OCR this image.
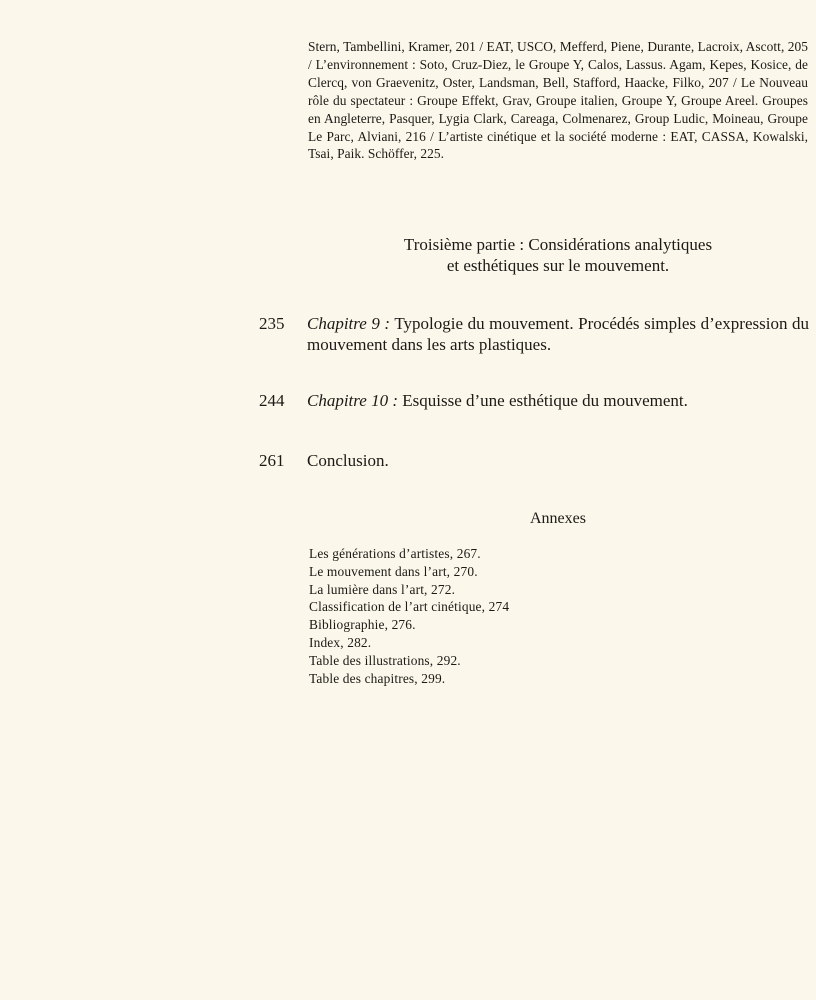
Stern, Tambellini, Kramer, 201 / EAT, USCO, Mefferd, Piene, Durante, Lacroix, Ascott, 205 / L’environnement : Soto, Cruz-Diez, le Groupe Y, Calos, Lassus. Agam, Kepes, Kosice, de Clercq, von Graevenitz, Oster, Landsman, Bell, Stafford, Haacke, Filko, 207 / Le Nouveau rôle du spectateur : Groupe Effekt, Grav, Groupe italien, Groupe Y, Groupe Areel. Groupes en Angleterre, Pasquer, Lygia Clark, Careaga, Colmenarez, Group Ludic, Moineau, Groupe Le Parc, Alviani, 216 / L’artiste cinétique et la société moderne : EAT, CASSA, Kowalski, Tsai, Paik. Schöffer, 225.

Troisième partie : Considérations analytiques
et esthétiques sur le mouvement.
235	Chapitre 9 : Typologie du mouvement. Procédés simples d’expression du mouvement dans les arts plastiques.
244	Chapitre 10 : Esquisse d’une esthétique du mouvement.
261	Conclusion.
Annexes
Les générations d’artistes, 267.
Le mouvement dans l’art, 270.
La lumière dans l’art, 272.
Classification de l’art cinétique, 274
Bibliographie, 276.
Index, 282.
Table des illustrations, 292.
Table des chapitres, 299.
